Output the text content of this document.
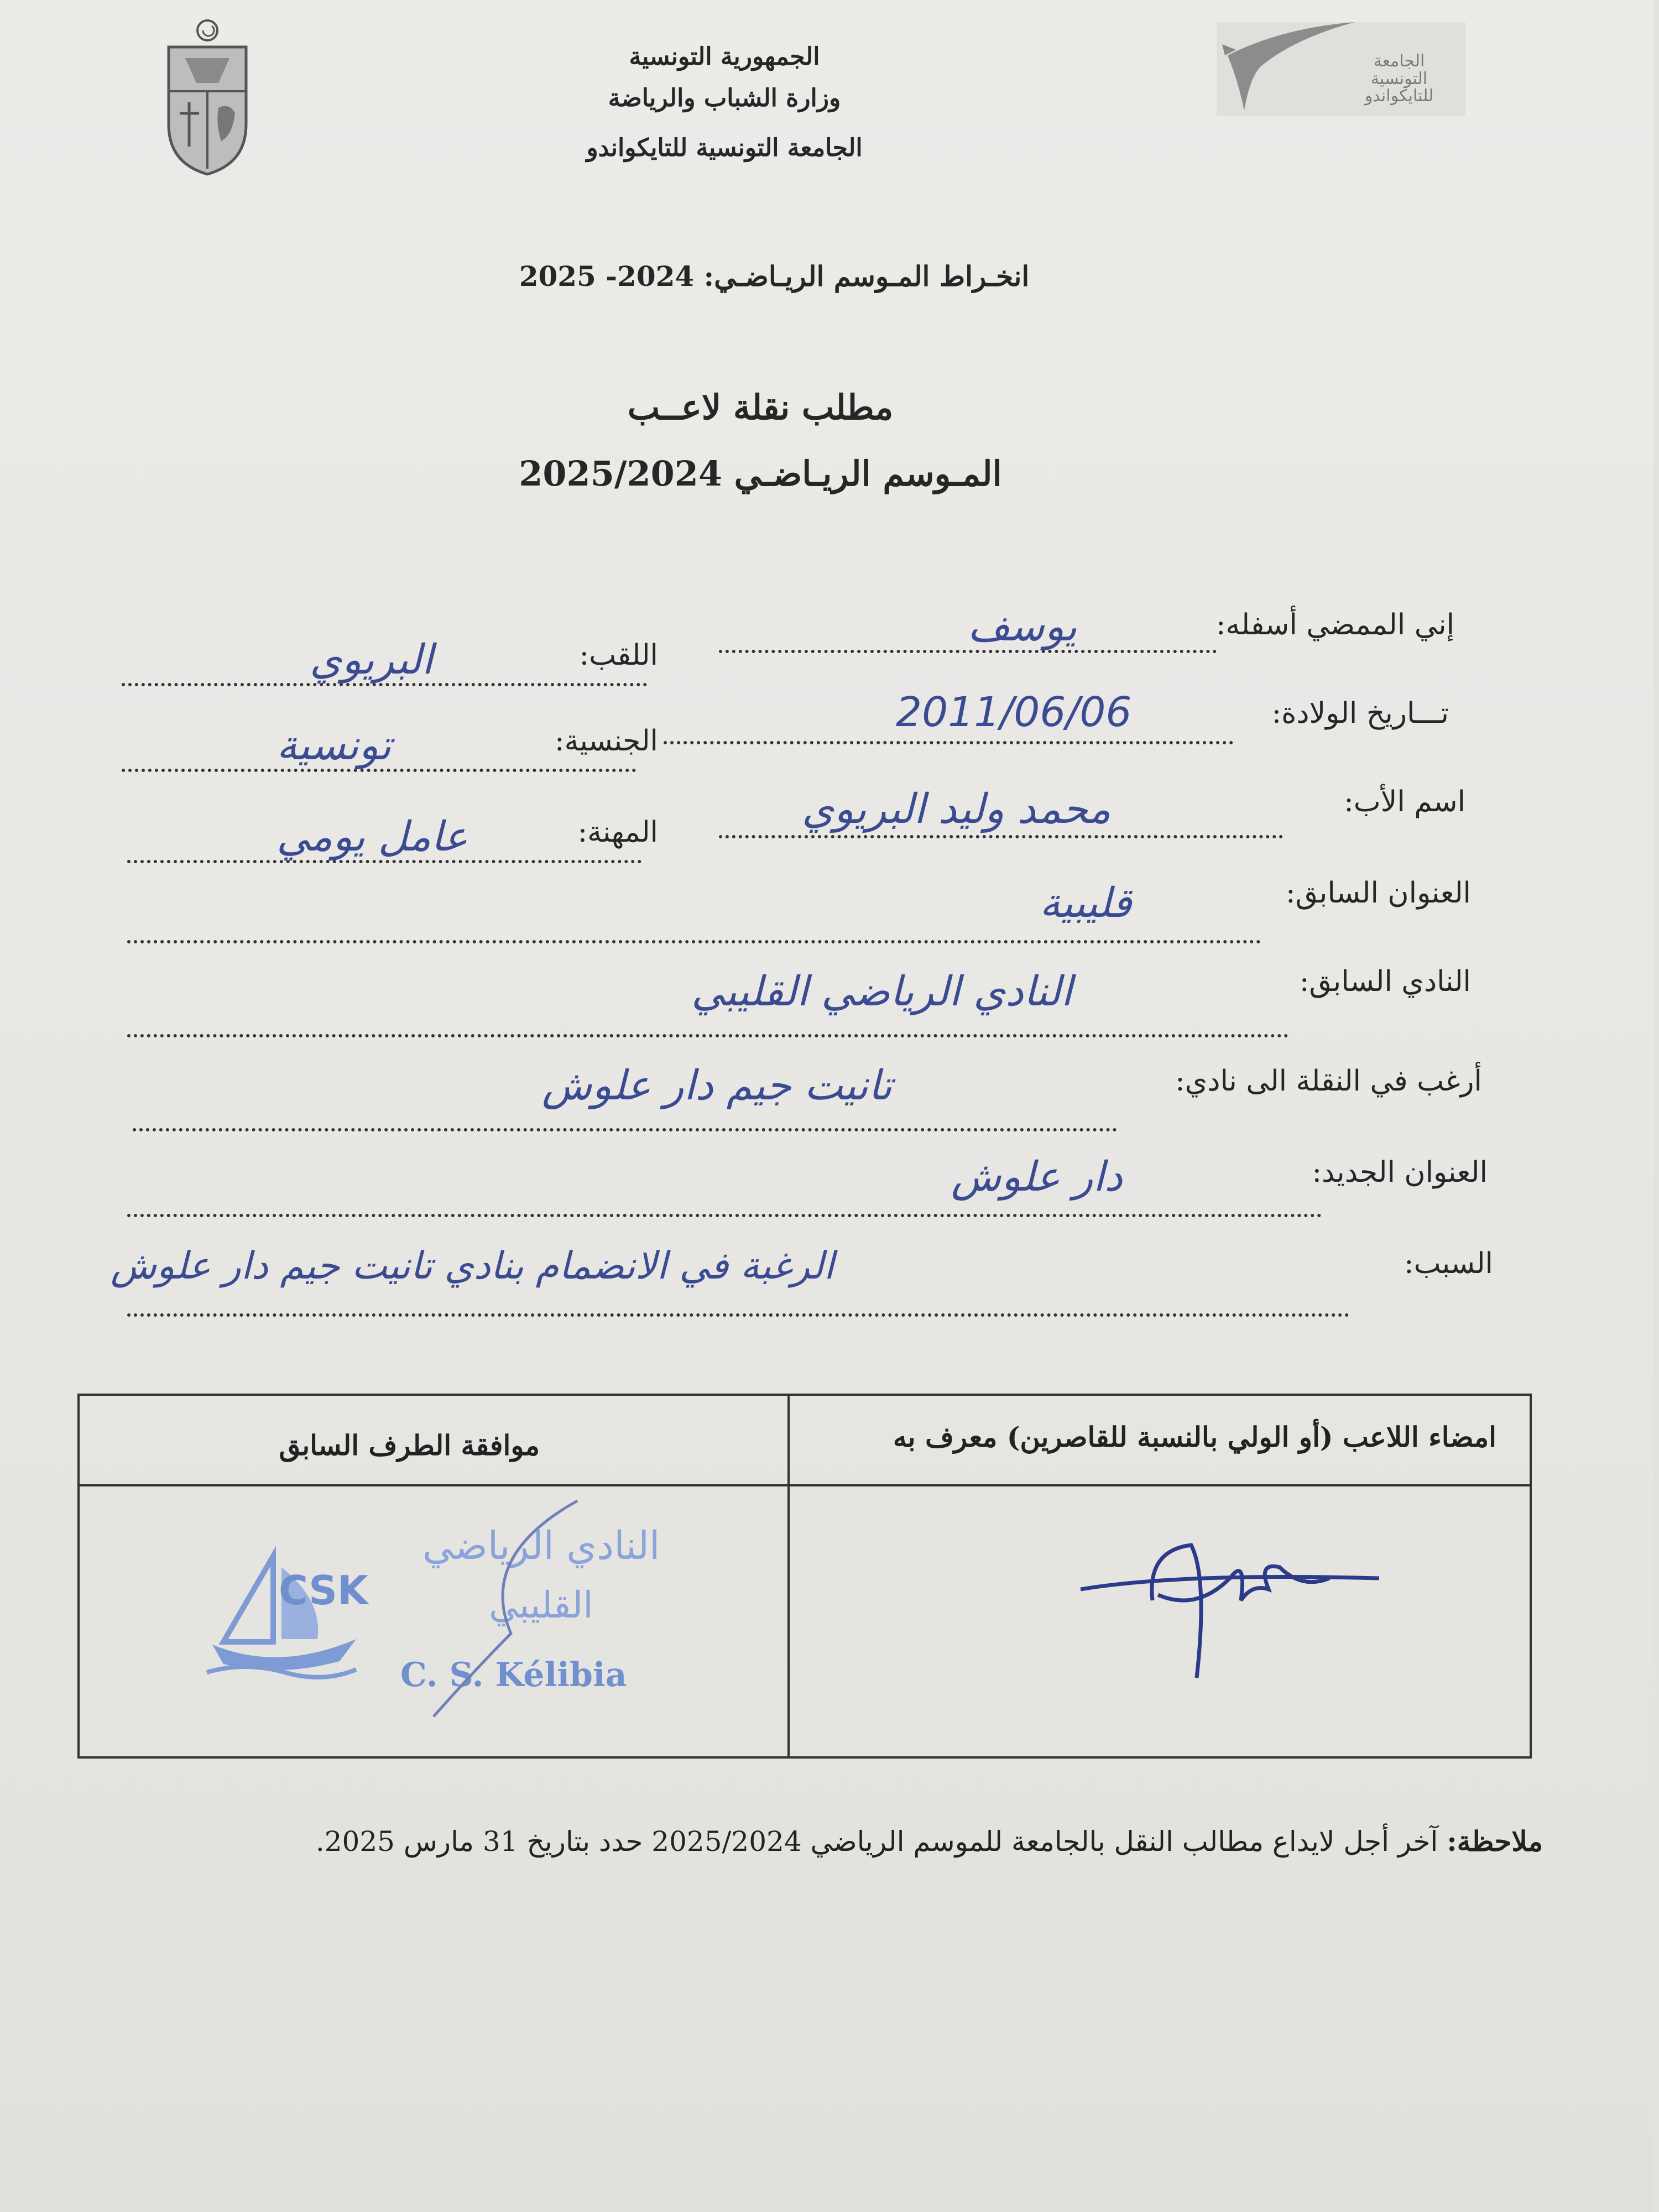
الجمهورية التونسية
وزارة الشباب والرياضة
الجامعة التونسية للتايكواندو
الجامعة
التونسية
للتايكواندو
انخـراط المـوسم الريـاضـي: 2024- 2025
مطلب نقلة لاعــب
المـوسم الريـاضـي 2025/2024
إني الممضي أسفله:
يوسف
اللقب:
البريوي
تـــاريخ الولادة:
2011/06/06
الجنسية:
تونسية
اسم الأب:
محمد وليد البريوي
المهنة:
عامل يومي
العنوان السابق:
قليبية
النادي السابق:
النادي الرياضي القليبي
أرغب في النقلة الى نادي:
تانيت جيم دار علوش
العنوان الجديد:
دار علوش
السبب:
الرغبة في الانضمام بنادي تانيت جيم دار علوش
امضاء اللاعب (أو الولي بالنسبة للقاصرين) معرف به
موافقة الطرف السابق
CSK
النادي الرياضي
القليبي
C. S. Kélibia
ملاحظة: آخر أجل لايداع مطالب النقل بالجامعة للموسم الرياضي 2025/2024 حدد بتاريخ 31 مارس 2025.
